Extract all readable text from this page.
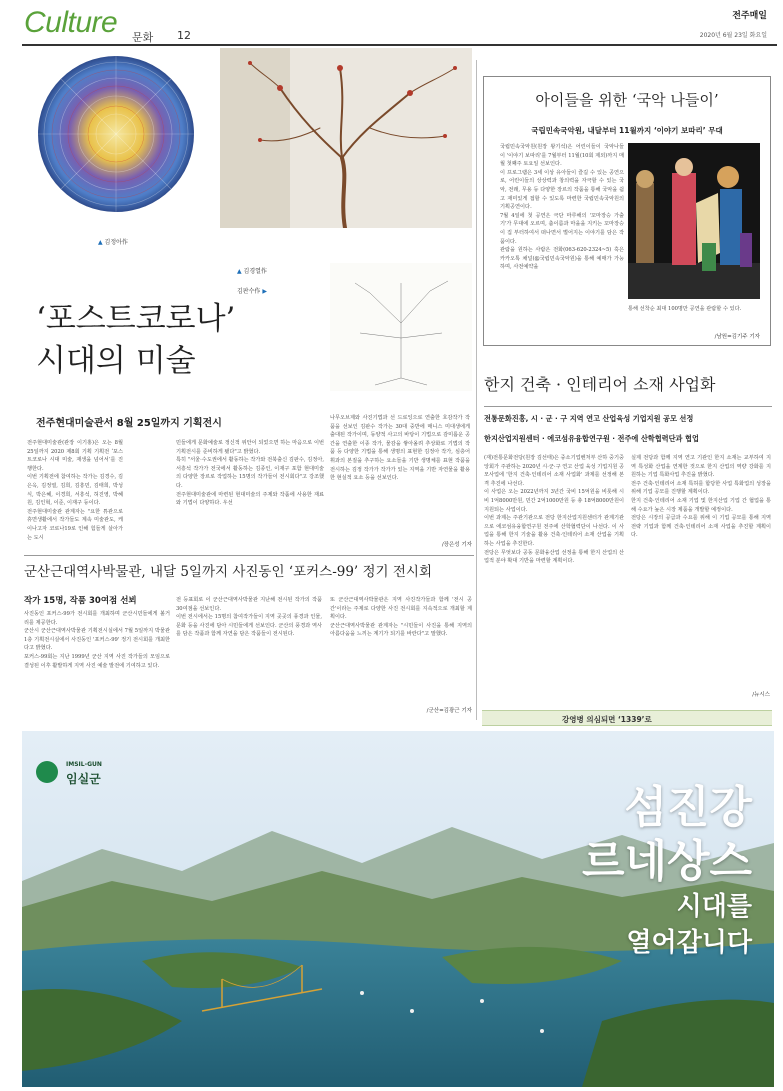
Culture 문화 12
전주매일
2020년 6월 23일 화요일
▲ 김정아作
▲ 김경열作
김판수作 ▶
‘포스트코로나’
시대의 미술
전주현대미술관서 8월 25일까지 기획전시
전주현대미술관(관장 이기홍)은 오는 8월 25일까지 2020 제8회 기획 기획전 ‘포스트코로나 시대 미술, 재생을 넘어서’를 진행한다.
이번 기획전에 참여하는 작가는 김경수, 김은옥, 김정열, 김희, 김흥민, 김태희, 박성식, 박은혜, 이경희, 서흥석, 허진영, 박혜원, 김인혁, 이준, 이재구 등이다.
전주현대미술관 관계자는 "요한 튜관으로 휴면생활에서 작가들도 계속 미술관도, 케이나고자 코로나19로 인해 힘들게 살아가는 도시
민들에게 문화예술로 정신적 위안이 되었으면 하는 마음으로 이번 기획전시를 준비하게 됐다"고 밝혔다.
특히 "서울·수도권에서 활동하는 작가와 전북출신 김판수, 김정아, 서흥석 작가가 전국에서 활동하는 김종인, 이재구 포함 현대미술의 다양한 장르로 작업하는 15명의 작가들이 전시회다"고 강조했다.
전주현대미술관에 마련된 현대미술의 주제와 작품에 사용한 재료와 기법이 다양하다. 우선
나무오브제와 사진기법과 선 드로잉으로 연출한 호감작가 작품을 선보인 김판수 작가는 30대 중반에 매니스 미대생에게 출대된 작가이며, 동양적 사고의 바탕이 기법으로 감미롭운 공간을 연출한 이종 작가, 물감을 쌓아올려 추상화로 기법의 작품 등 다양한 기법을 통해 생명의 표현한 김정아 작가, 심층어휘과의 본질을 추구하는 요소들을 기반 생명체를 표현 작품을 전시하는 김정 작가가 작가가 있는 지역을 기반 자연물을 활용한 현실적 요소 등을 선보인다.
/장은성 기자
군산근대역사박물관, 내달 5일까지 사진동인 ‘포커스-99’ 정기 전시회
작가 15명, 작품 30여점 선뵈
사진동인 포커스-99가 전시회를 개최하며 군산시민들에게 볼거리를 제공한다.
군산시 군산근대역사박물관 기획전시실에서 7월 5일까지 박물관 1층 기획전시실에서 사진동인 '포커스-99' 정기 전시회를 개최한다고 밝혔다.
포커스-99회는 지난 1999년 군산 지역 사진 작가들의 모임으로 결성된 이후 활발하게 지역 사진 예술 발전에 기여하고 있다.
전 등표회로 이 군산근대역사박물관 지난해 전시된 작가의 작품 30여점을 선보인다.
이번 전시에서는 15명의 참여작가들이 지역 곳곳의 풍경과 인물, 문화 등을 사진에 담아 시민들에게 선보인다. 군산의 풍경과 역사를 담은 작품과 함께 자연을 담은 작품들이 전시된다.
또 군산근대역사박물관은 지역 사진작가들과 함께 '전시 공간'이라는 주제로 다양한 사진 전시회를 지속적으로 개최할 계획이다.
군산근대역사박물관 관계자는 "시민들이 사진을 통해 지역의 아름다움을 느끼는 계기가 되기를 바란다"고 말했다.
/군산=김광근 기자
아이들을 위한 ‘국악 나들이’
국립민속국악원, 내달부터 11월까지 ‘이야기 보따리’ 무대
국립민속국악원(원장 왕기석)은 어린이들이 국악나들이 '이야기 보따리'를 7월부터 11월(10회 제외)까지 매월 첫째주 토요일 선보인다.
이 프로그램은 3세 이상 유아들이 즐길 수 있는 공연으로, 어린이들의 상상력과 창의력을 자극할 수 있는 국악, 전래, 무용 등 다양한 장르의 작품을 통해 국악을 쉽고 재미있게 접할 수 있도록 마련한 국립민속국악원의 기획공연이다.
7월 4일에 첫 공연은 극단 마루해의 '꼬마장승 가출기'가 무대에 오르며, 춤이름과 마을을 지키는 꼬마장승이 집 부터하여서 떠나면서 벌어지는 이야기를 담은 작품이다.
관람을 원하는 사람은 전화(063-620-2324~5) 혹은 카카오톡 채널(@국립민속국악원)을 통해 예매가 가능하며, 사전예약을
통해 선착순 최대 100명만 공연을 관람할 수 있다.
/남원=김기주 기자
한지 건축 · 인테리어 소재 사업화
전통문화진흥, 시 · 군 · 구 지역 연고 산업육성 기업지원 공모 선정
한지산업지원센터 · 에코섬유융합연구원 · 전주에 산학협력단과 협업
(재)전통문화전당(원장 김선태)은 중소기업벤처부 산하 중기중앙회가 주관하는 2020년 시·군·구 연고 산업 육성 기업지원 공모사업에 '한지 건축·인테리어 소재 사업화' 과제를 선정해 본격 추진에 나선다.
이 사업은 오는 2022년까지 3년간 국비 15억원을 비롯해 시비 1억8000만원, 민간 2억1000만원 등 총 18억8000만원이 지원되는 사업이다.
이번 과제는 주관기관으로 전당 한지산업지원센터가 관계기관으로 에코섬유융합연구원 전주에 산학협력단이 나선다. 이 사업을 통해 한지 기술을 활용 건축·인테리어 소재 산업을 기획하는 사업을 추진한다.
전당은 무엇보다 공동 문화융산업 선정을 통해 한지 산업의 산업적 분야 확대 기반을 마련할 계획이다.
실제 전당과 함께 지역 연고 기관인 한지 소재는 교부하여 지역 특성화 산업을 연계한 것으로 한지 산업의 역량 강화를 지원하는 기업 특화사업 추진을 밝혔다.
전주 건축·인테리어 소재 특허를 합당한 사업 특화업의 성장을 위해 기업 공모를 진행할 계획이다.
한지 건축·인테리어 소재 기업 및 한지산업 기업 간 협업을 통해 수요가 높은 시장 제품을 개발할 예정이다.
전당은 시장의 공급과 수요를 위해 이 기업 공모를 통해 지역전략 기업과 함께 건축·인테리어 소재 사업을 추진할 계획이다.
/뉴시스
강영병 의심되면 ‘1339’로
IMSIL-GUN
임실군
섬진강
르네상스
시대를
열어갑니다
